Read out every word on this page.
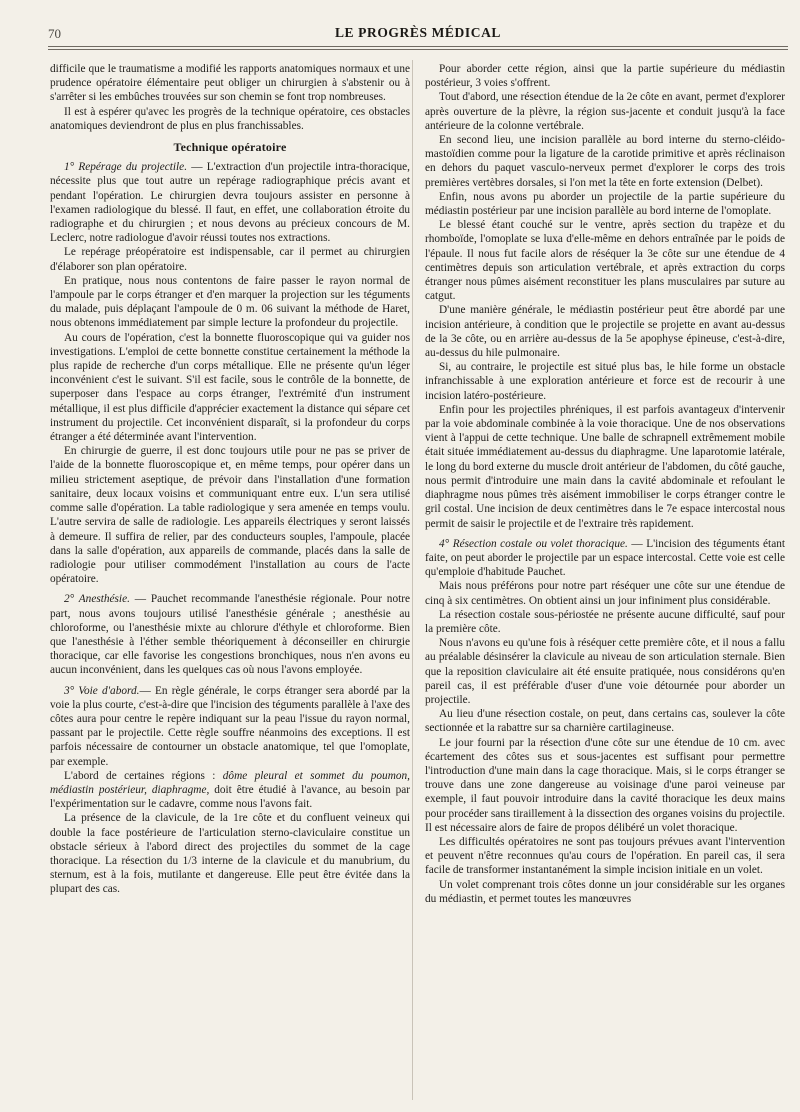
70	LE PROGRÈS MÉDICAL

difficile que le traumatisme a modifié les rapports anatomiques normaux et une prudence opératoire élémentaire peut obliger un chirurgien à s'abstenir ou à s'arrêter si les embûches trouvées sur son chemin se font trop nombreuses.

Il est à espérer qu'avec les progrès de la technique opératoire, ces obstacles anatomiques deviendront de plus en plus franchissables.

Technique opératoire

1° Repérage du projectile. — L'extraction d'un projectile intra-thoracique, nécessite plus que tout autre un repérage radiographique précis avant et pendant l'opération. Le chirurgien devra toujours assister en personne à l'examen radiologique du blessé. Il faut, en effet, une collaboration étroite du radiographe et du chirurgien ; et nous devons au précieux concours de M. Leclerc, notre radiologue d'avoir réussi toutes nos extractions.

Le repérage préopératoire est indispensable, car il permet au chirurgien d'élaborer son plan opératoire.

En pratique, nous nous contentons de faire passer le rayon normal de l'ampoule par le corps étranger et d'en marquer la projection sur les téguments du malade, puis déplaçant l'ampoule de 0 m. 06 suivant la méthode de Haret, nous obtenons immédiatement par simple lecture la profondeur du projectile.

Au cours de l'opération, c'est la bonnette fluoroscopique qui va guider nos investigations. L'emploi de cette bonnette constitue certainement la méthode la plus rapide de recherche d'un corps métallique. Elle ne présente qu'un léger inconvénient c'est le suivant. S'il est facile, sous le contrôle de la bonnette, de superposer dans l'espace au corps étranger, l'extrémité d'un instrument métallique, il est plus difficile d'apprécier exactement la distance qui sépare cet instrument du projectile. Cet inconvénient disparaît, si la profondeur du corps étranger a été déterminée avant l'intervention.

En chirurgie de guerre, il est donc toujours utile pour ne pas se priver de l'aide de la bonnette fluoroscopique et, en même temps, pour opérer dans un milieu strictement aseptique, de prévoir dans l'installation d'une formation sanitaire, deux locaux voisins et communiquant entre eux. L'un sera utilisé comme salle d'opération. La table radiologique y sera amenée en temps voulu. L'autre servira de salle de radiologie. Les appareils électriques y seront laissés à demeure. Il suffira de relier, par des conducteurs souples, l'ampoule, placée dans la salle d'opération, aux appareils de commande, placés dans la salle de radiologie pour utiliser commodément l'installation au cours de l'acte opératoire.

2° Anesthésie. — Pauchet recommande l'anesthésie régionale. Pour notre part, nous avons toujours utilisé l'anesthésie générale ; anesthésie au chloroforme, ou l'anesthésie mixte au chlorure d'éthyle et chloroforme. Bien que l'anesthésie à l'éther semble théoriquement à déconseiller en chirurgie thoracique, car elle favorise les congestions bronchiques, nous n'en avons eu aucun inconvénient, dans les quelques cas où nous l'avons employée.

3° Voie d'abord.— En règle générale, le corps étranger sera abordé par la voie la plus courte, c'est-à-dire que l'incision des téguments parallèle à l'axe des côtes aura pour centre le repère indiquant sur la peau l'issue du rayon normal, passant par le projectile. Cette règle souffre néanmoins des exceptions. Il est parfois nécessaire de contourner un obstacle anatomique, tel que l'omoplate, par exemple.

L'abord de certaines régions : dôme pleural et sommet du poumon, médiastin postérieur, diaphragme, doit être étudié à l'avance, au besoin par l'expérimentation sur le cadavre, comme nous l'avons fait.

La présence de la clavicule, de la 1re côte et du confluent veineux qui double la face postérieure de l'articulation sterno-claviculaire constitue un obstacle sérieux à l'abord direct des projectiles du sommet de la cage thoracique. La résection du 1/3 interne de la clavicule et du manubrium, du sternum, est à la fois, mutilante et dangereuse. Elle peut être évitée dans la plupart des cas.

Pour aborder cette région, ainsi que la partie supérieure du médiastin postérieur, 3 voies s'offrent.

Tout d'abord, une résection étendue de la 2e côte en avant, permet d'explorer après ouverture de la plèvre, la région sus-jacente et conduit jusqu'à la face antérieure de la colonne vertébrale.

En second lieu, une incision parallèle au bord interne du sterno-cléido-mastoïdien comme pour la ligature de la carotide primitive et après réclinaison en dehors du paquet vasculo-nerveux permet d'explorer le corps des trois premières vertèbres dorsales, si l'on met la tête en forte extension (Delbet).

Enfin, nous avons pu aborder un projectile de la partie supérieure du médiastin postérieur par une incision parallèle au bord interne de l'omoplate.

Le blessé étant couché sur le ventre, après section du trapèze et du rhomboïde, l'omoplate se luxa d'elle-même en dehors entraînée par le poids de l'épaule. Il nous fut facile alors de réséquer la 3e côte sur une étendue de 4 centimètres depuis son articulation vertébrale, et après extraction du corps étranger nous pûmes aisément reconstituer les plans musculaires par suture au catgut.

D'une manière générale, le médiastin postérieur peut être abordé par une incision antérieure, à condition que le projectile se projette en avant au-dessus de la 3e côte, ou en arrière au-dessus de la 5e apophyse épineuse, c'est-à-dire, au-dessus du hile pulmonaire.

Si, au contraire, le projectile est situé plus bas, le hile forme un obstacle infranchissable à une exploration antérieure et force est de recourir à une incision latéro-postérieure.

Enfin pour les projectiles phréniques, il est parfois avantageux d'intervenir par la voie abdominale combinée à la voie thoracique. Une de nos observations vient à l'appui de cette technique. Une balle de schrapnell extrêmement mobile était située immédiatement au-dessus du diaphragme. Une laparotomie latérale, le long du bord externe du muscle droit antérieur de l'abdomen, du côté gauche, nous permit d'introduire une main dans la cavité abdominale et refoulant le diaphragme nous pûmes très aisément immobiliser le corps étranger contre le gril costal. Une incision de deux centimètres dans le 7e espace intercostal nous permit de saisir le projectile et de l'extraire très rapidement.

4° Résection costale ou volet thoracique. — L'incision des téguments étant faite, on peut aborder le projectile par un espace intercostal. Cette voie est celle qu'emploie d'habitude Pauchet.

Mais nous préférons pour notre part réséquer une côte sur une étendue de cinq à six centimètres. On obtient ainsi un jour infiniment plus considérable.

La résection costale sous-périostée ne présente aucune difficulté, sauf pour la première côte.

Nous n'avons eu qu'une fois à réséquer cette première côte, et il nous a fallu au préalable désinsérer la clavicule au niveau de son articulation sternale. Bien que la reposition claviculaire ait été ensuite pratiquée, nous considérons qu'en pareil cas, il est préférable d'user d'une voie détournée pour aborder un projectile.

Au lieu d'une résection costale, on peut, dans certains cas, soulever la côte sectionnée et la rabattre sur sa charnière cartilagineuse.

Le jour fourni par la résection d'une côte sur une étendue de 10 cm. avec écartement des côtes sus et sous-jacentes est suffisant pour permettre l'introduction d'une main dans la cage thoracique. Mais, si le corps étranger se trouve dans une zone dangereuse au voisinage d'une paroi veineuse par exemple, il faut pouvoir introduire dans la cavité thoracique les deux mains pour procéder sans tiraillement à la dissection des organes voisins du projectile. Il est nécessaire alors de faire de propos délibéré un volet thoracique.

Les difficultés opératoires ne sont pas toujours prévues avant l'intervention et peuvent n'être reconnues qu'au cours de l'opération. En pareil cas, il sera facile de transformer instantanément la simple incision initiale en un volet.

Un volet comprenant trois côtes donne un jour considérable sur les organes du médiastin, et permet toutes les manœuvres
